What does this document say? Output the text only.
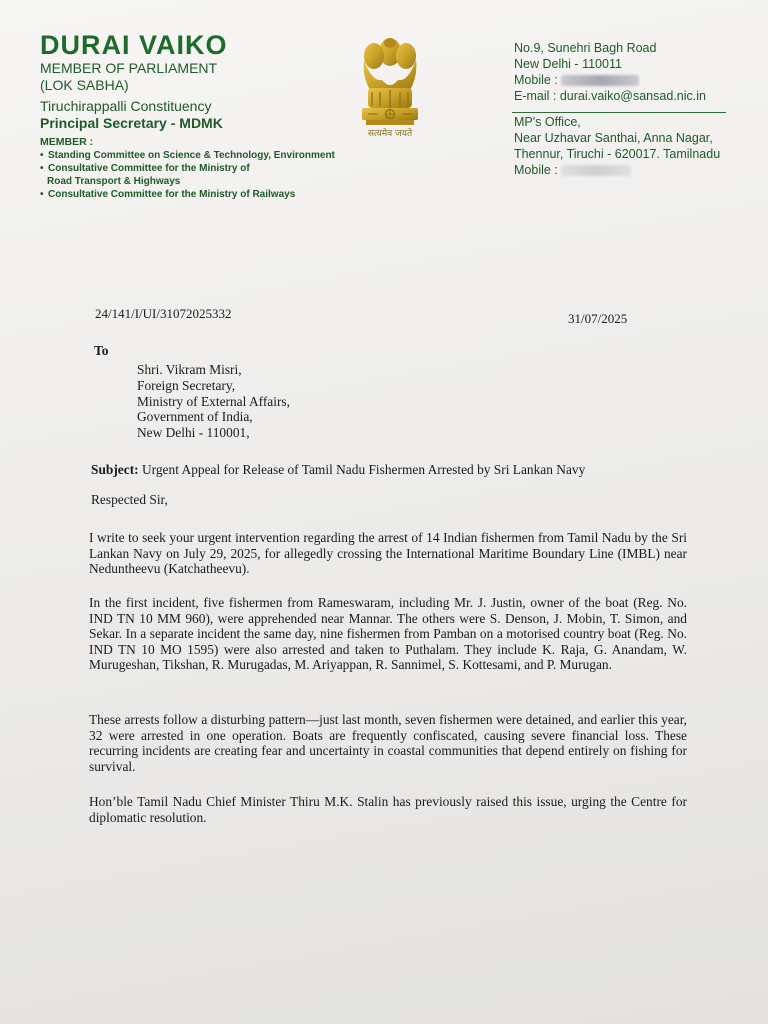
DURAI VAIKO
MEMBER OF PARLIAMENT
(LOK SABHA)
Tiruchirappalli Constituency
Principal Secretary - MDMK
MEMBER :
• Standing Committee on Science & Technology, Environment
• Consultative Committee for the Ministry of
Road Transport & Highways
• Consultative Committee for the Ministry of Railways
सत्यमेव जयते
No.9, Sunehri Bagh Road
New Delhi - 110011
Mobile :
E-mail : durai.vaiko@sansad.nic.in
MP's Office,
Near Uzhavar Santhai, Anna Nagar,
Thennur, Tiruchi - 620017. Tamilnadu
Mobile :
24/141/I/UI/31072025332	31/07/2025
To
Shri. Vikram Misri,
Foreign Secretary,
Ministry of External Affairs,
Government of India,
New Delhi - 110001,
Subject: Urgent Appeal for Release of Tamil Nadu Fishermen Arrested by Sri Lankan Navy
Respected Sir,
I write to seek your urgent intervention regarding the arrest of 14 Indian fishermen from Tamil Nadu by the Sri Lankan Navy on July 29, 2025, for allegedly crossing the International Maritime Boundary Line (IMBL) near Neduntheevu (Katchatheevu).
In the first incident, five fishermen from Rameswaram, including Mr. J. Justin, owner of the boat (Reg. No. IND TN 10 MM 960), were apprehended near Mannar. The others were S. Denson, J. Mobin, T. Simon, and Sekar. In a separate incident the same day, nine fishermen from Pamban on a motorised country boat (Reg. No. IND TN 10 MO 1595) were also arrested and taken to Puthalam. They include K. Raja, G. Anandam, W. Murugeshan, Tikshan, R. Murugadas, M. Ariyappan, R. Sannimel, S. Kottesami, and P. Murugan.
These arrests follow a disturbing pattern—just last month, seven fishermen were detained, and earlier this year, 32 were arrested in one operation. Boats are frequently confiscated, causing severe financial loss. These recurring incidents are creating fear and uncertainty in coastal communities that depend entirely on fishing for survival.
Hon’ble Tamil Nadu Chief Minister Thiru M.K. Stalin has previously raised this issue, urging the Centre for diplomatic resolution.
